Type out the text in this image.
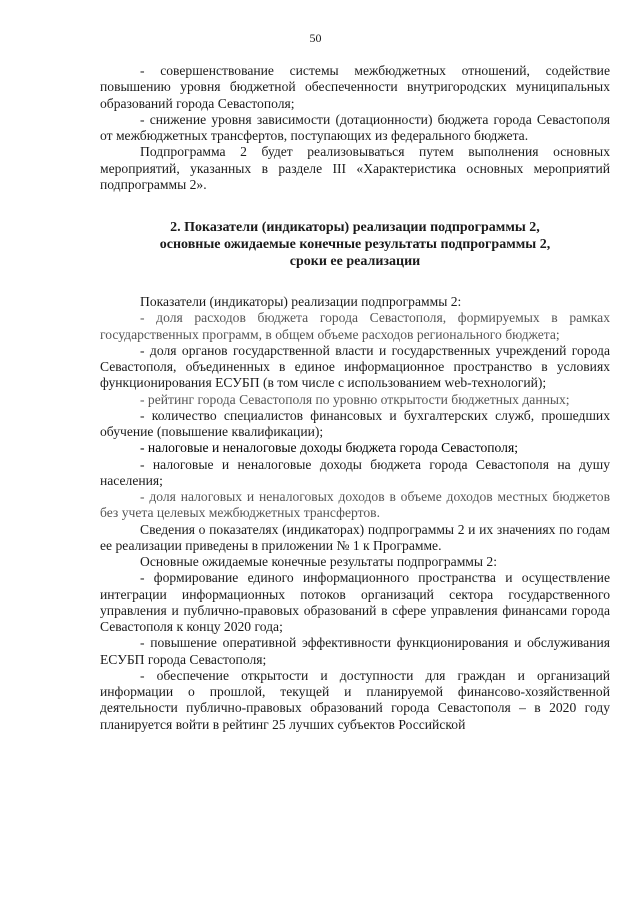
50

- совершенствование системы межбюджетных отношений, содействие повышению уровня бюджетной обеспеченности внутригородских муниципальных образований города Севастополя;

- снижение уровня зависимости (дотационности) бюджета города Севастополя от межбюджетных трансфертов, поступающих из федерального бюджета.

Подпрограмма 2 будет реализовываться путем выполнения основных мероприятий, указанных в разделе III «Характеристика основных мероприятий подпрограммы 2».

2. Показатели (индикаторы) реализации подпрограммы 2,
основные ожидаемые конечные результаты подпрограммы 2,
сроки ее реализации

Показатели (индикаторы) реализации подпрограммы 2:

- доля расходов бюджета города Севастополя, формируемых в рамках государственных программ, в общем объеме расходов регионального бюджета;

- доля органов государственной власти и государственных учреждений города Севастополя, объединенных в единое информационное пространство в условиях функционирования ЕСУБП (в том числе с использованием web-технологий);

- рейтинг города Севастополя по уровню открытости бюджетных данных;

- количество специалистов финансовых и бухгалтерских служб, прошедших обучение (повышение квалификации);

- налоговые и неналоговые доходы бюджета города Севастополя;

- налоговые и неналоговые доходы бюджета города Севастополя на душу населения;

- доля налоговых и неналоговых доходов в объеме доходов местных бюджетов без учета целевых межбюджетных трансфертов.

Сведения о показателях (индикаторах) подпрограммы 2 и их значениях по годам ее реализации приведены в приложении № 1 к Программе.

Основные ожидаемые конечные результаты подпрограммы 2:

- формирование единого информационного пространства и осуществление интеграции информационных потоков организаций сектора государственного управления и публично-правовых образований в сфере управления финансами города Севастополя к концу 2020 года;

- повышение оперативной эффективности функционирования и обслуживания ЕСУБП города Севастополя;

- обеспечение открытости и доступности для граждан и организаций информации о прошлой, текущей и планируемой финансово-хозяйственной деятельности публично-правовых образований города Севастополя – в 2020 году планируется войти в рейтинг 25 лучших субъектов Российской
